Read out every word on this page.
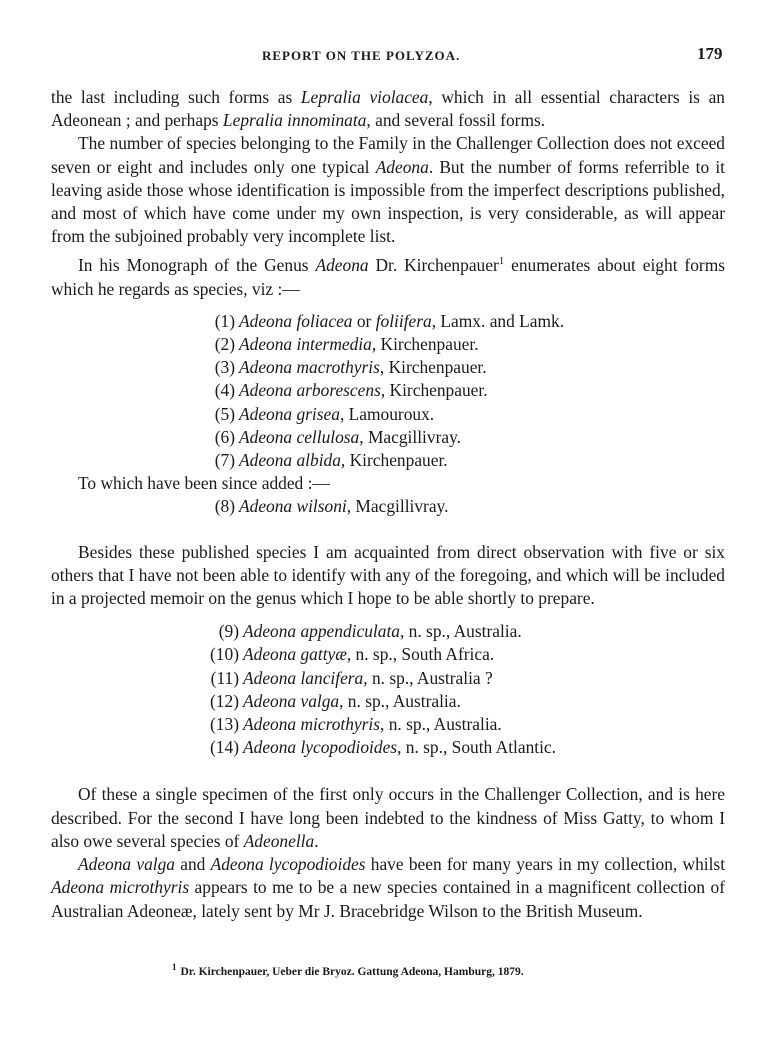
REPORT ON THE POLYZOA.	179

the last including such forms as Lepralia violacea, which in all essential characters is an Adeonean ; and perhaps Lepralia innominata, and several fossil forms.

The number of species belonging to the Family in the Challenger Collection does not exceed seven or eight and includes only one typical Adeona. But the number of forms referrible to it leaving aside those whose identification is impossible from the imperfect descriptions published, and most of which have come under my own inspection, is very considerable, as will appear from the subjoined probably very incomplete list.

In his Monograph of the Genus Adeona Dr. Kirchenpauer$^1$ enumerates about eight forms which he regards as species, viz :—

(1) Adeona foliacea or foliifera, Lamx. and Lamk.
(2) Adeona intermedia, Kirchenpauer.
(3) Adeona macrothyris, Kirchenpauer.
(4) Adeona arborescens, Kirchenpauer.
(5) Adeona grisea, Lamouroux.
(6) Adeona cellulosa, Macgillivray.
(7) Adeona albida, Kirchenpauer.

To which have been since added :—

(8) Adeona wilsoni, Macgillivray.

Besides these published species I am acquainted from direct observation with five or six others that I have not been able to identify with any of the foregoing, and which will be included in a projected memoir on the genus which I hope to be able shortly to prepare.

(9) Adeona appendiculata, n. sp., Australia.
(10) Adeona gattyæ, n. sp., South Africa.
(11) Adeona lancifera, n. sp., Australia ?
(12) Adeona valga, n. sp., Australia.
(13) Adeona microthyris, n. sp., Australia.
(14) Adeona lycopodioides, n. sp., South Atlantic.

Of these a single specimen of the first only occurs in the Challenger Collection, and is here described. For the second I have long been indebted to the kindness of Miss Gatty, to whom I also owe several species of Adeonella.

Adeona valga and Adeona lycopodioides have been for many years in my collection, whilst Adeona microthyris appears to me to be a new species contained in a magnificent collection of Australian Adeoneæ, lately sent by Mr J. Bracebridge Wilson to the British Museum.

$^1$ Dr. Kirchenpauer, Ueber die Bryoz. Gattung Adeona, Hamburg, 1879.
